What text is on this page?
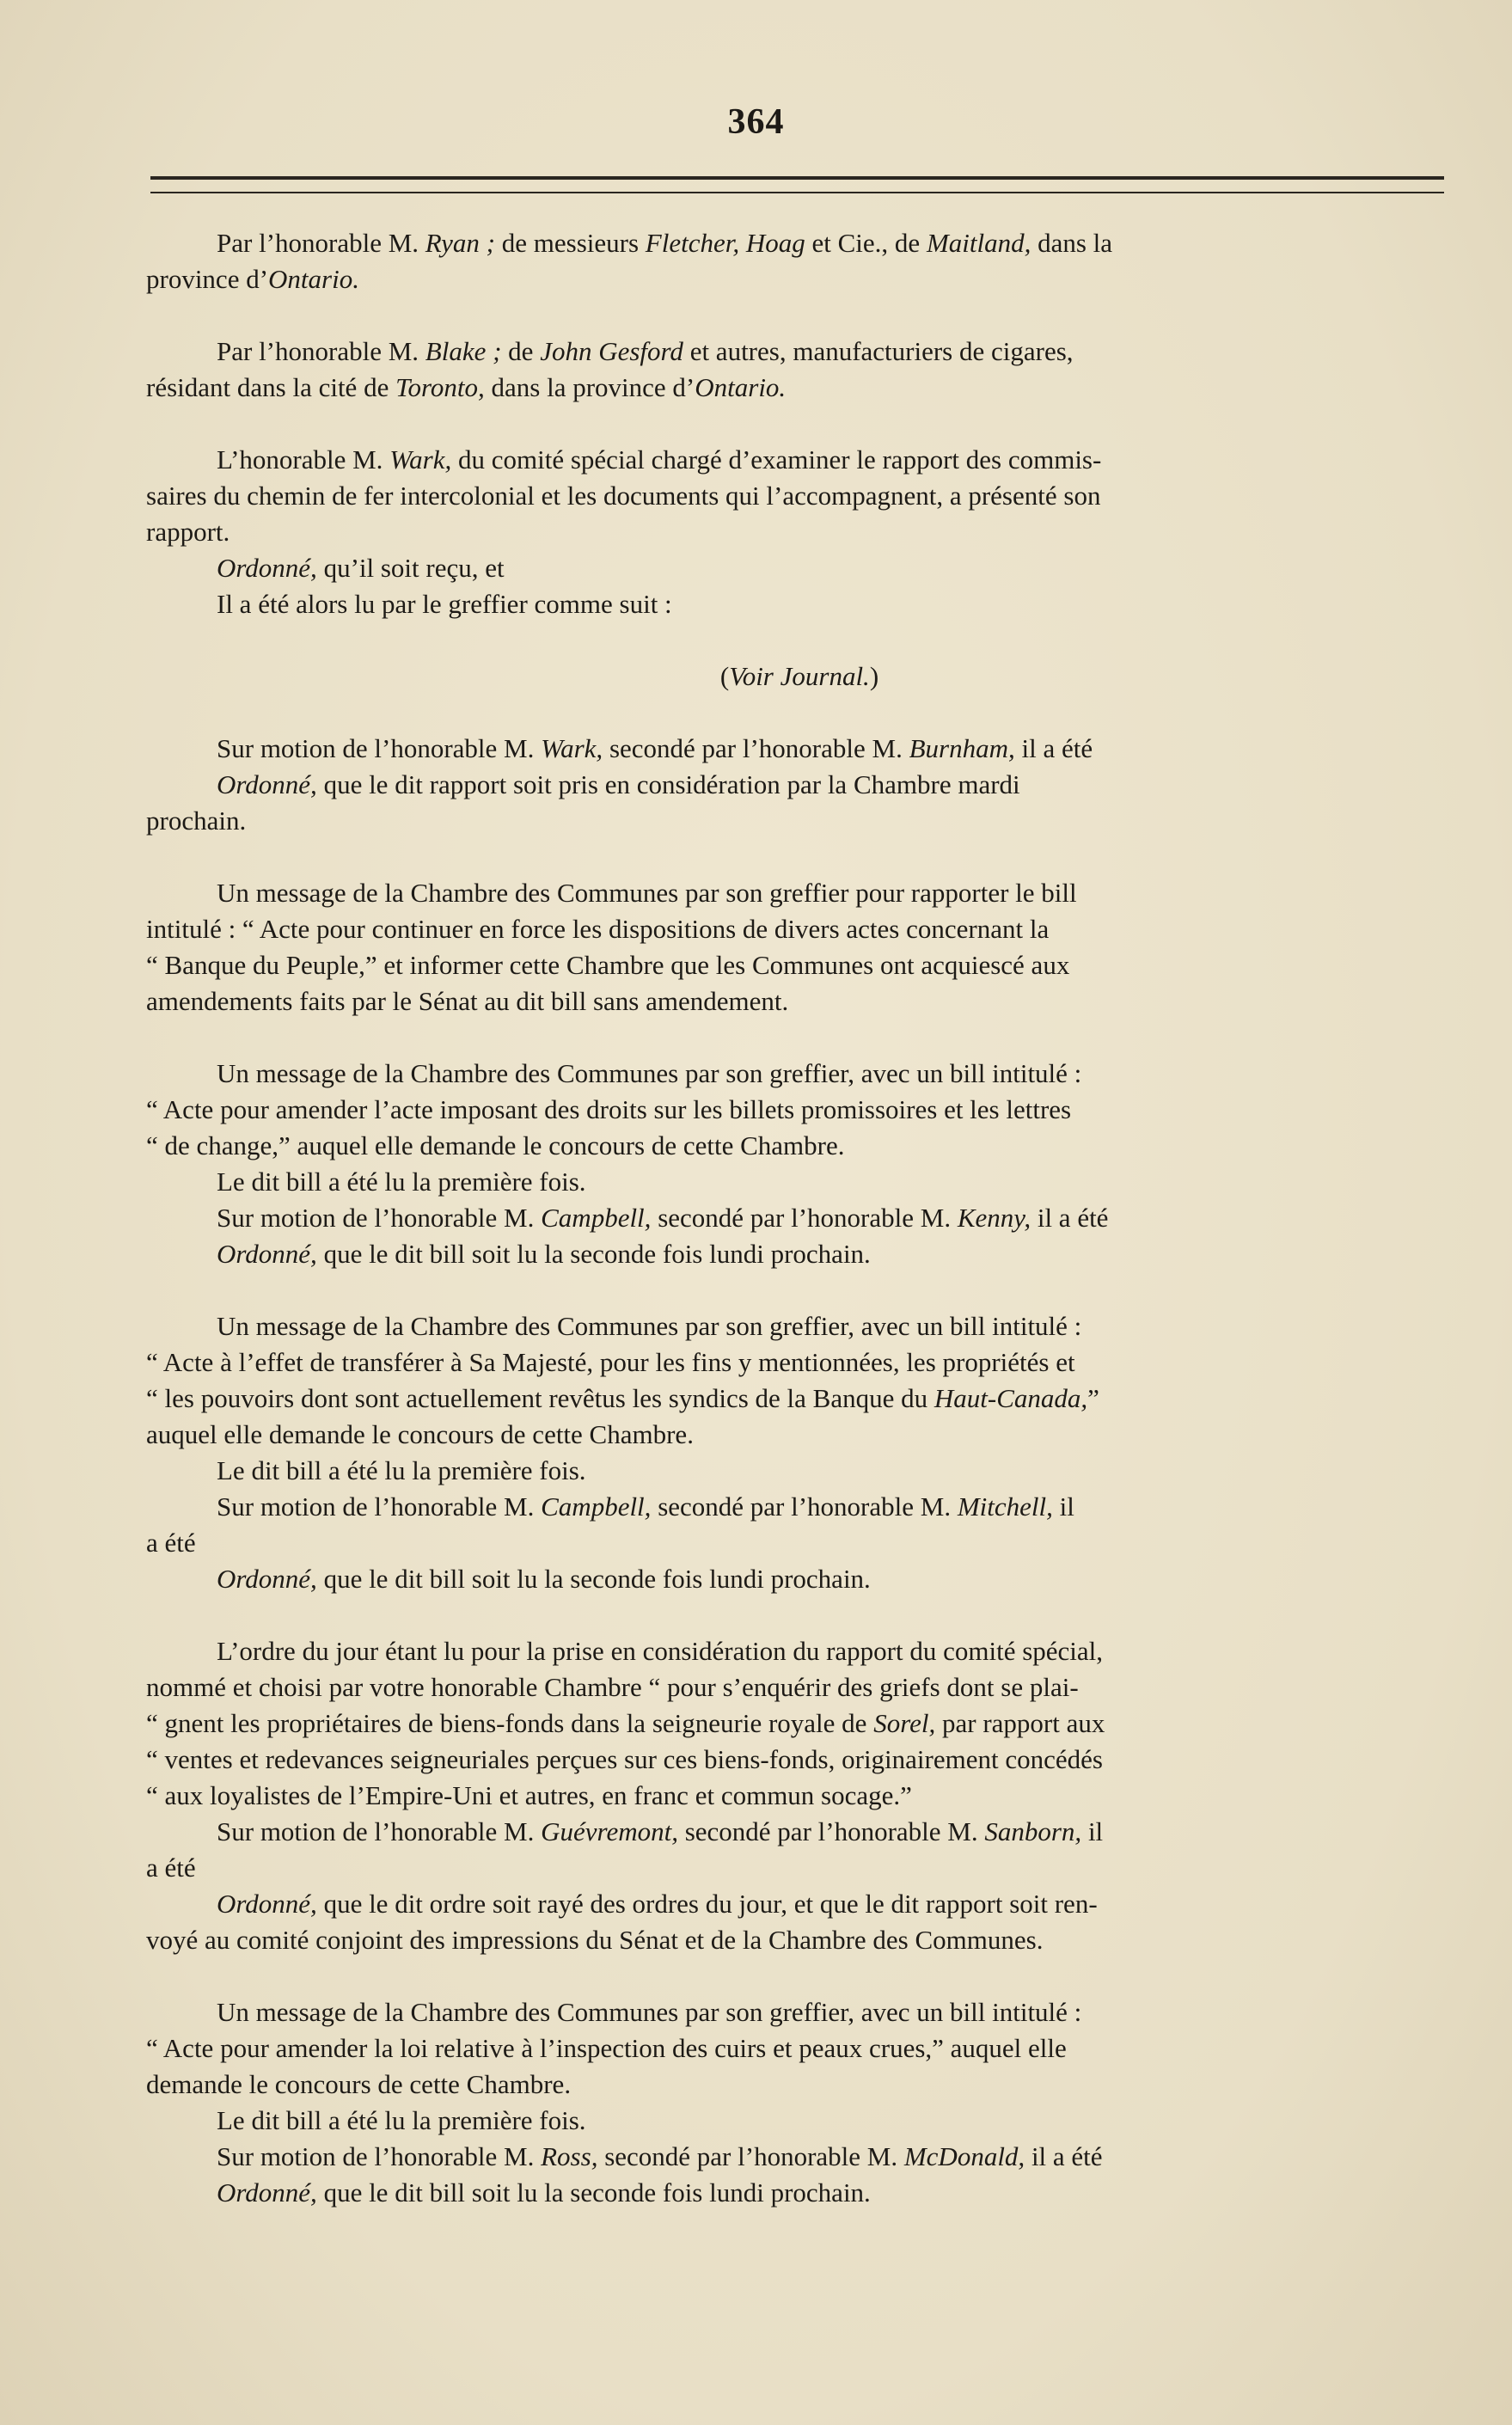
364
Par l’honorable M. Ryan ; de messieurs Fletcher, Hoag et Cie., de Maitland, dans la
province d’Ontario.
Par l’honorable M. Blake ; de John Gesford et autres, manufacturiers de cigares,
résidant dans la cité de Toronto, dans la province d’Ontario.
L’honorable M. Wark, du comité spécial chargé d’examiner le rapport des commis-
saires du chemin de fer intercolonial et les documents qui l’accompagnent, a présenté son
rapport.
Ordonné, qu’il soit reçu, et
Il a été alors lu par le greffier comme suit :
(Voir Journal.)
Sur motion de l’honorable M. Wark, secondé par l’honorable M. Burnham, il a été
Ordonné, que le dit rapport soit pris en considération par la Chambre mardi
prochain.
Un message de la Chambre des Communes par son greffier pour rapporter le bill
intitulé : “ Acte pour continuer en force les dispositions de divers actes concernant la
“ Banque du Peuple,” et informer cette Chambre que les Communes ont acquiescé aux
amendements faits par le Sénat au dit bill sans amendement.
Un message de la Chambre des Communes par son greffier, avec un bill intitulé :
“ Acte pour amender l’acte imposant des droits sur les billets promissoires et les lettres
“ de change,” auquel elle demande le concours de cette Chambre.
Le dit bill a été lu la première fois.
Sur motion de l’honorable M. Campbell, secondé par l’honorable M. Kenny, il a été
Ordonné, que le dit bill soit lu la seconde fois lundi prochain.
Un message de la Chambre des Communes par son greffier, avec un bill intitulé :
“ Acte à l’effet de transférer à Sa Majesté, pour les fins y mentionnées, les propriétés et
“ les pouvoirs dont sont actuellement revêtus les syndics de la Banque du Haut-Canada,”
auquel elle demande le concours de cette Chambre.
Le dit bill a été lu la première fois.
Sur motion de l’honorable M. Campbell, secondé par l’honorable M. Mitchell, il
a été
Ordonné, que le dit bill soit lu la seconde fois lundi prochain.
L’ordre du jour étant lu pour la prise en considération du rapport du comité spécial,
nommé et choisi par votre honorable Chambre “ pour s’enquérir des griefs dont se plai-
“ gnent les propriétaires de biens-fonds dans la seigneurie royale de Sorel, par rapport aux
“ ventes et redevances seigneuriales perçues sur ces biens-fonds, originairement concédés
“ aux loyalistes de l’Empire-Uni et autres, en franc et commun socage.”
Sur motion de l’honorable M. Guévremont, secondé par l’honorable M. Sanborn, il
a été
Ordonné, que le dit ordre soit rayé des ordres du jour, et que le dit rapport soit ren-
voyé au comité conjoint des impressions du Sénat et de la Chambre des Communes.
Un message de la Chambre des Communes par son greffier, avec un bill intitulé :
“ Acte pour amender la loi relative à l’inspection des cuirs et peaux crues,” auquel elle
demande le concours de cette Chambre.
Le dit bill a été lu la première fois.
Sur motion de l’honorable M. Ross, secondé par l’honorable M. McDonald, il a été
Ordonné, que le dit bill soit lu la seconde fois lundi prochain.
